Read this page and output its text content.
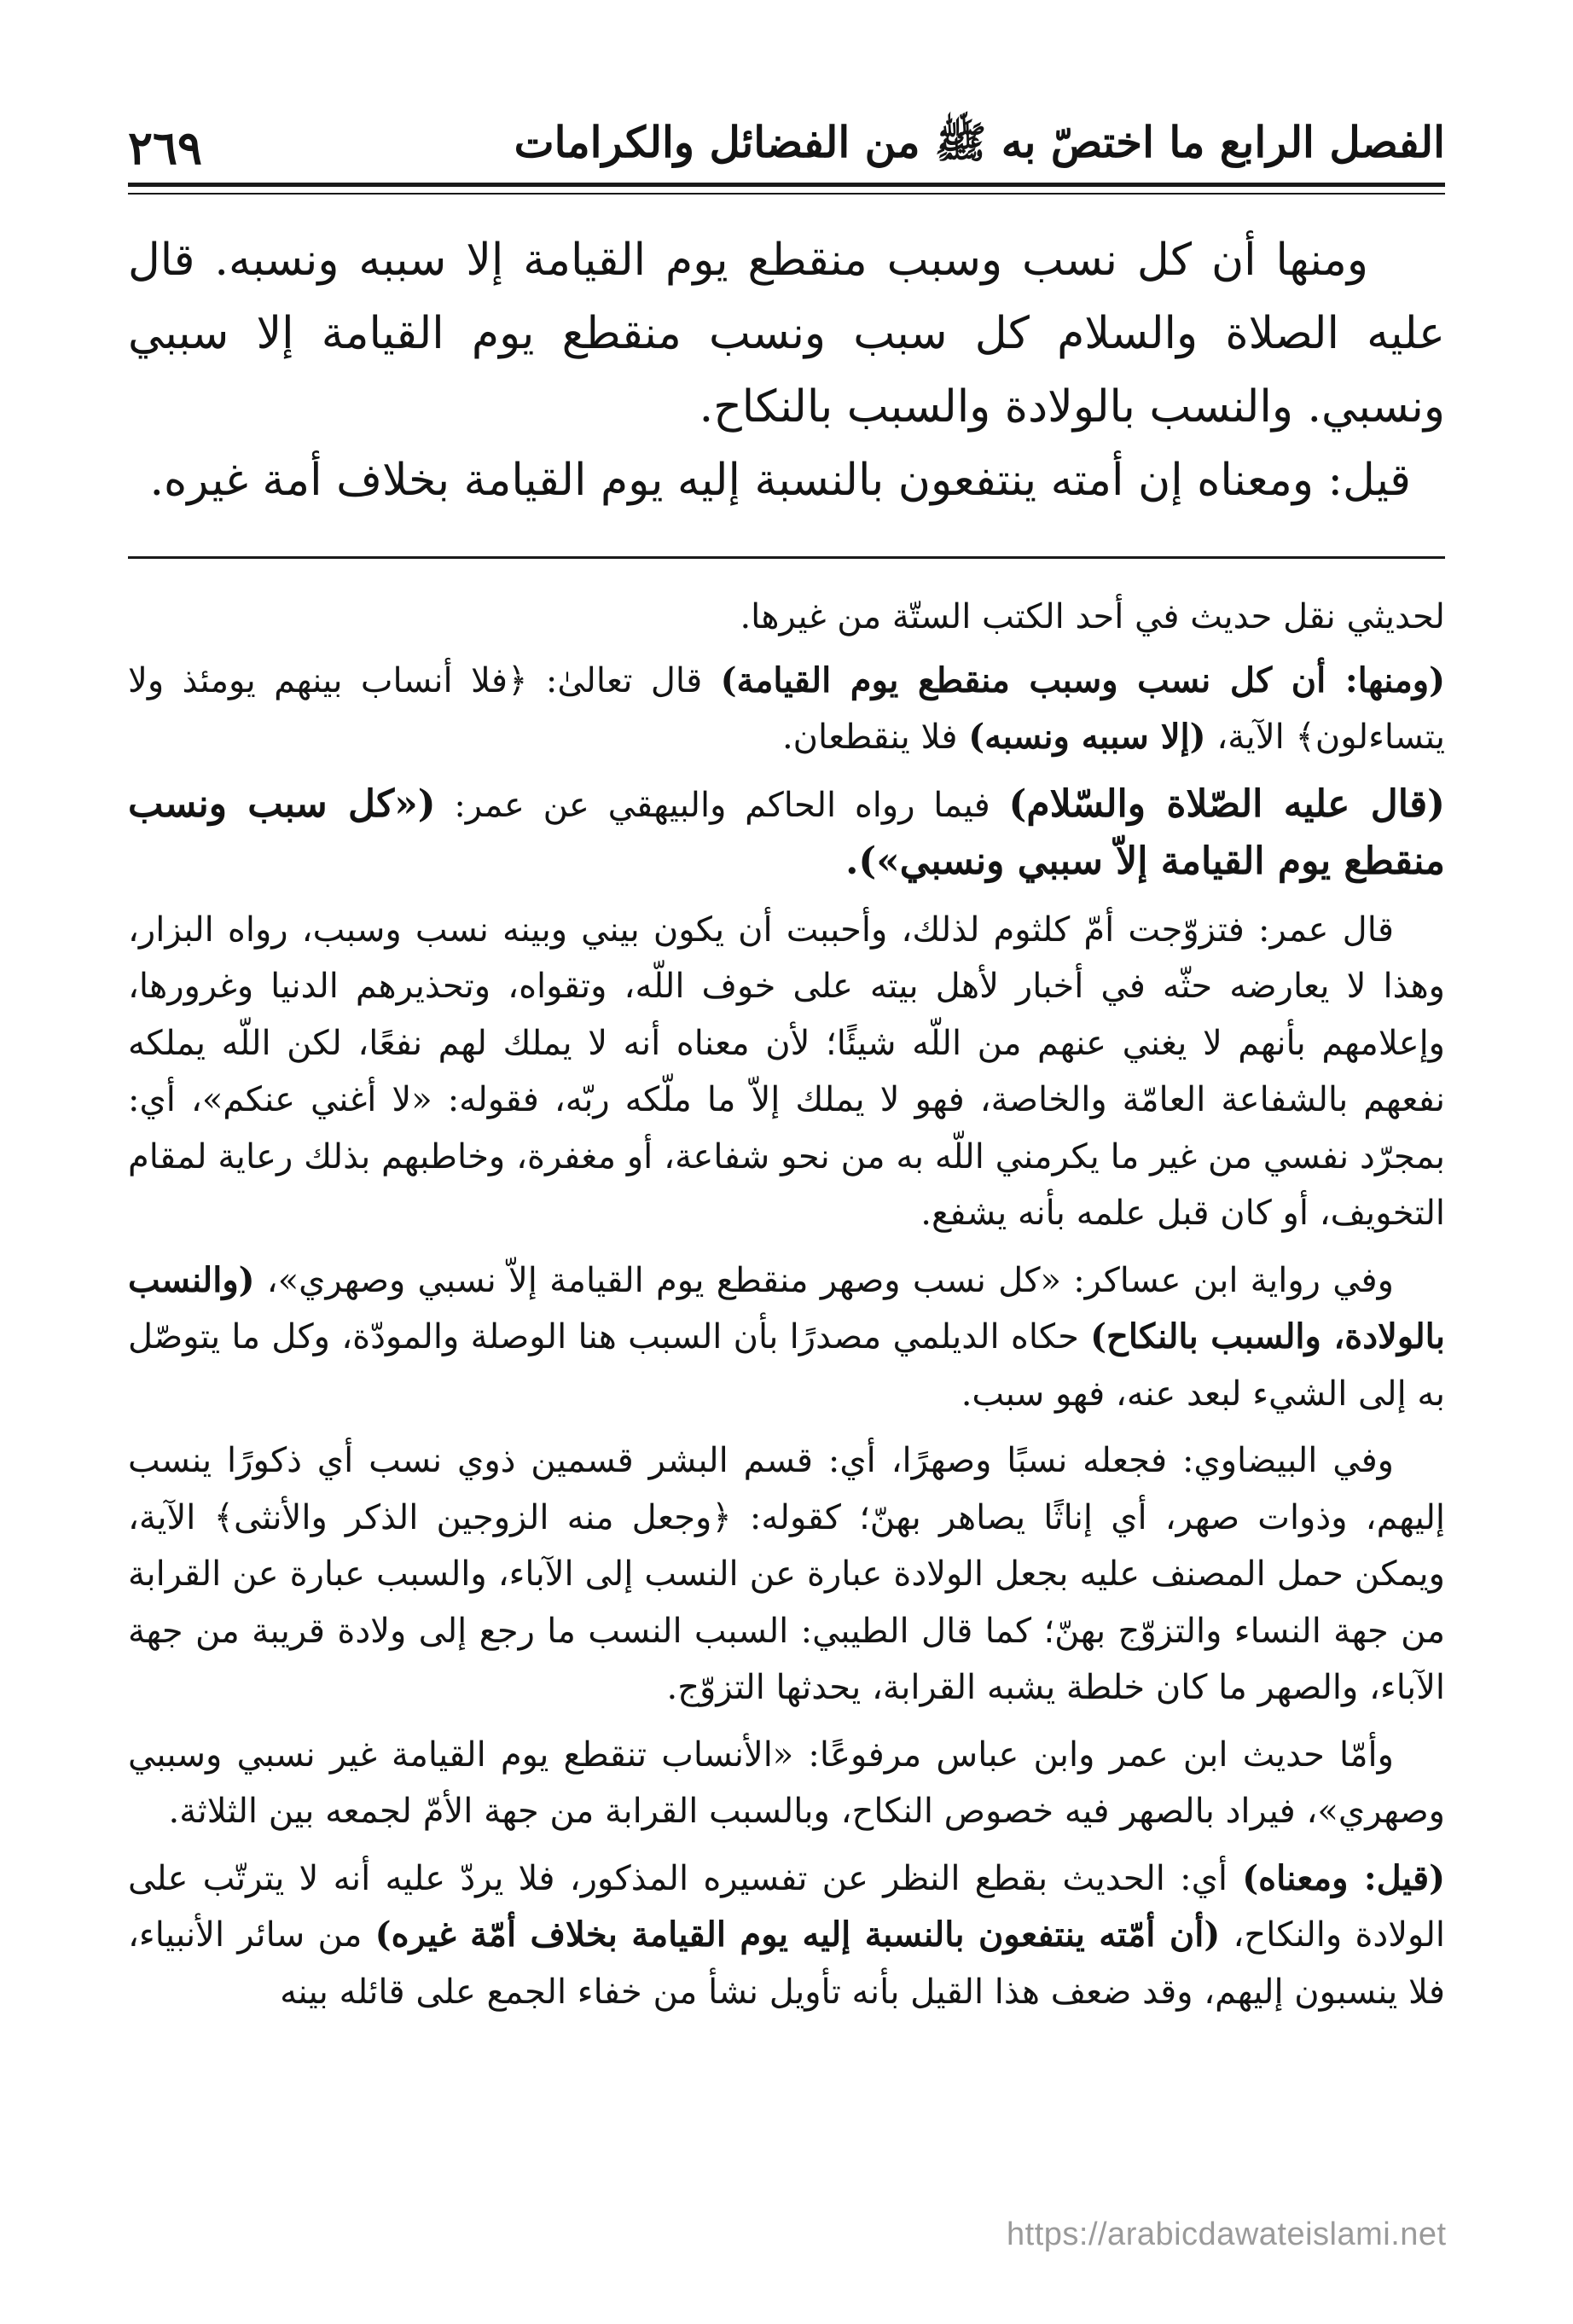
الفصل الرابع ما اختصّ به ﷺ من الفضائل والكرامات
٢٦٩

ومنها أن كل نسب وسبب منقطع يوم القيامة إلا سببه ونسبه. قال عليه الصلاة والسلام كل سبب ونسب منقطع يوم القيامة إلا سببي ونسبي. والنسب بالولادة والسبب بالنكاح.

قيل: ومعناه إن أمته ينتفعون بالنسبة إليه يوم القيامة بخلاف أمة غيره.

لحديثي نقل حديث في أحد الكتب الستّة من غيرها.

(ومنها: أن كل نسب وسبب منقطع يوم القيامة) قال تعالىٰ: ﴿فلا أنساب بينهم يومئذ ولا يتساءلون﴾ الآية، (إلا سببه ونسبه) فلا ينقطعان.

(قال عليه الصّلاة والسّلام) فيما رواه الحاكم والبيهقي عن عمر: («كل سبب ونسب منقطع يوم القيامة إلاّ سببي ونسبي»).

قال عمر: فتزوّجت أمّ كلثوم لذلك، وأحببت أن يكون بيني وبينه نسب وسبب، رواه البزار، وهذا لا يعارضه حثّه في أخبار لأهل بيته على خوف اللّه، وتقواه، وتحذيرهم الدنيا وغرورها، وإعلامهم بأنهم لا يغني عنهم من اللّه شيئًا؛ لأن معناه أنه لا يملك لهم نفعًا، لكن اللّه يملكه نفعهم بالشفاعة العامّة والخاصة، فهو لا يملك إلاّ ما ملّكه ربّه، فقوله: «لا أغني عنكم»، أي: بمجرّد نفسي من غير ما يكرمني اللّه به من نحو شفاعة، أو مغفرة، وخاطبهم بذلك رعاية لمقام التخويف، أو كان قبل علمه بأنه يشفع.

وفي رواية ابن عساكر: «كل نسب وصهر منقطع يوم القيامة إلاّ نسبي وصهري»، (والنسب بالولادة، والسبب بالنكاح) حكاه الديلمي مصدرًا بأن السبب هنا الوصلة والمودّة، وكل ما يتوصّل به إلى الشيء لبعد عنه، فهو سبب.

وفي البيضاوي: فجعله نسبًا وصهرًا، أي: قسم البشر قسمين ذوي نسب أي ذكورًا ينسب إليهم، وذوات صهر، أي إناثًا يصاهر بهنّ؛ كقوله: ﴿وجعل منه الزوجين الذكر والأنثى﴾ الآية، ويمكن حمل المصنف عليه بجعل الولادة عبارة عن النسب إلى الآباء، والسبب عبارة عن القرابة من جهة النساء والتزوّج بهنّ؛ كما قال الطيبي: السبب النسب ما رجع إلى ولادة قريبة من جهة الآباء، والصهر ما كان خلطة يشبه القرابة، يحدثها التزوّج.

وأمّا حديث ابن عمر وابن عباس مرفوعًا: «الأنساب تنقطع يوم القيامة غير نسبي وسببي وصهري»، فيراد بالصهر فيه خصوص النكاح، وبالسبب القرابة من جهة الأمّ لجمعه بين الثلاثة.

(قيل: ومعناه) أي: الحديث بقطع النظر عن تفسيره المذكور، فلا يردّ عليه أنه لا يترتّب على الولادة والنكاح، (أن أمّته ينتفعون بالنسبة إليه يوم القيامة بخلاف أمّة غيره) من سائر الأنبياء، فلا ينسبون إليهم، وقد ضعف هذا القيل بأنه تأويل نشأ من خفاء الجمع على قائله بينه

https://arabicdawateislami.net
